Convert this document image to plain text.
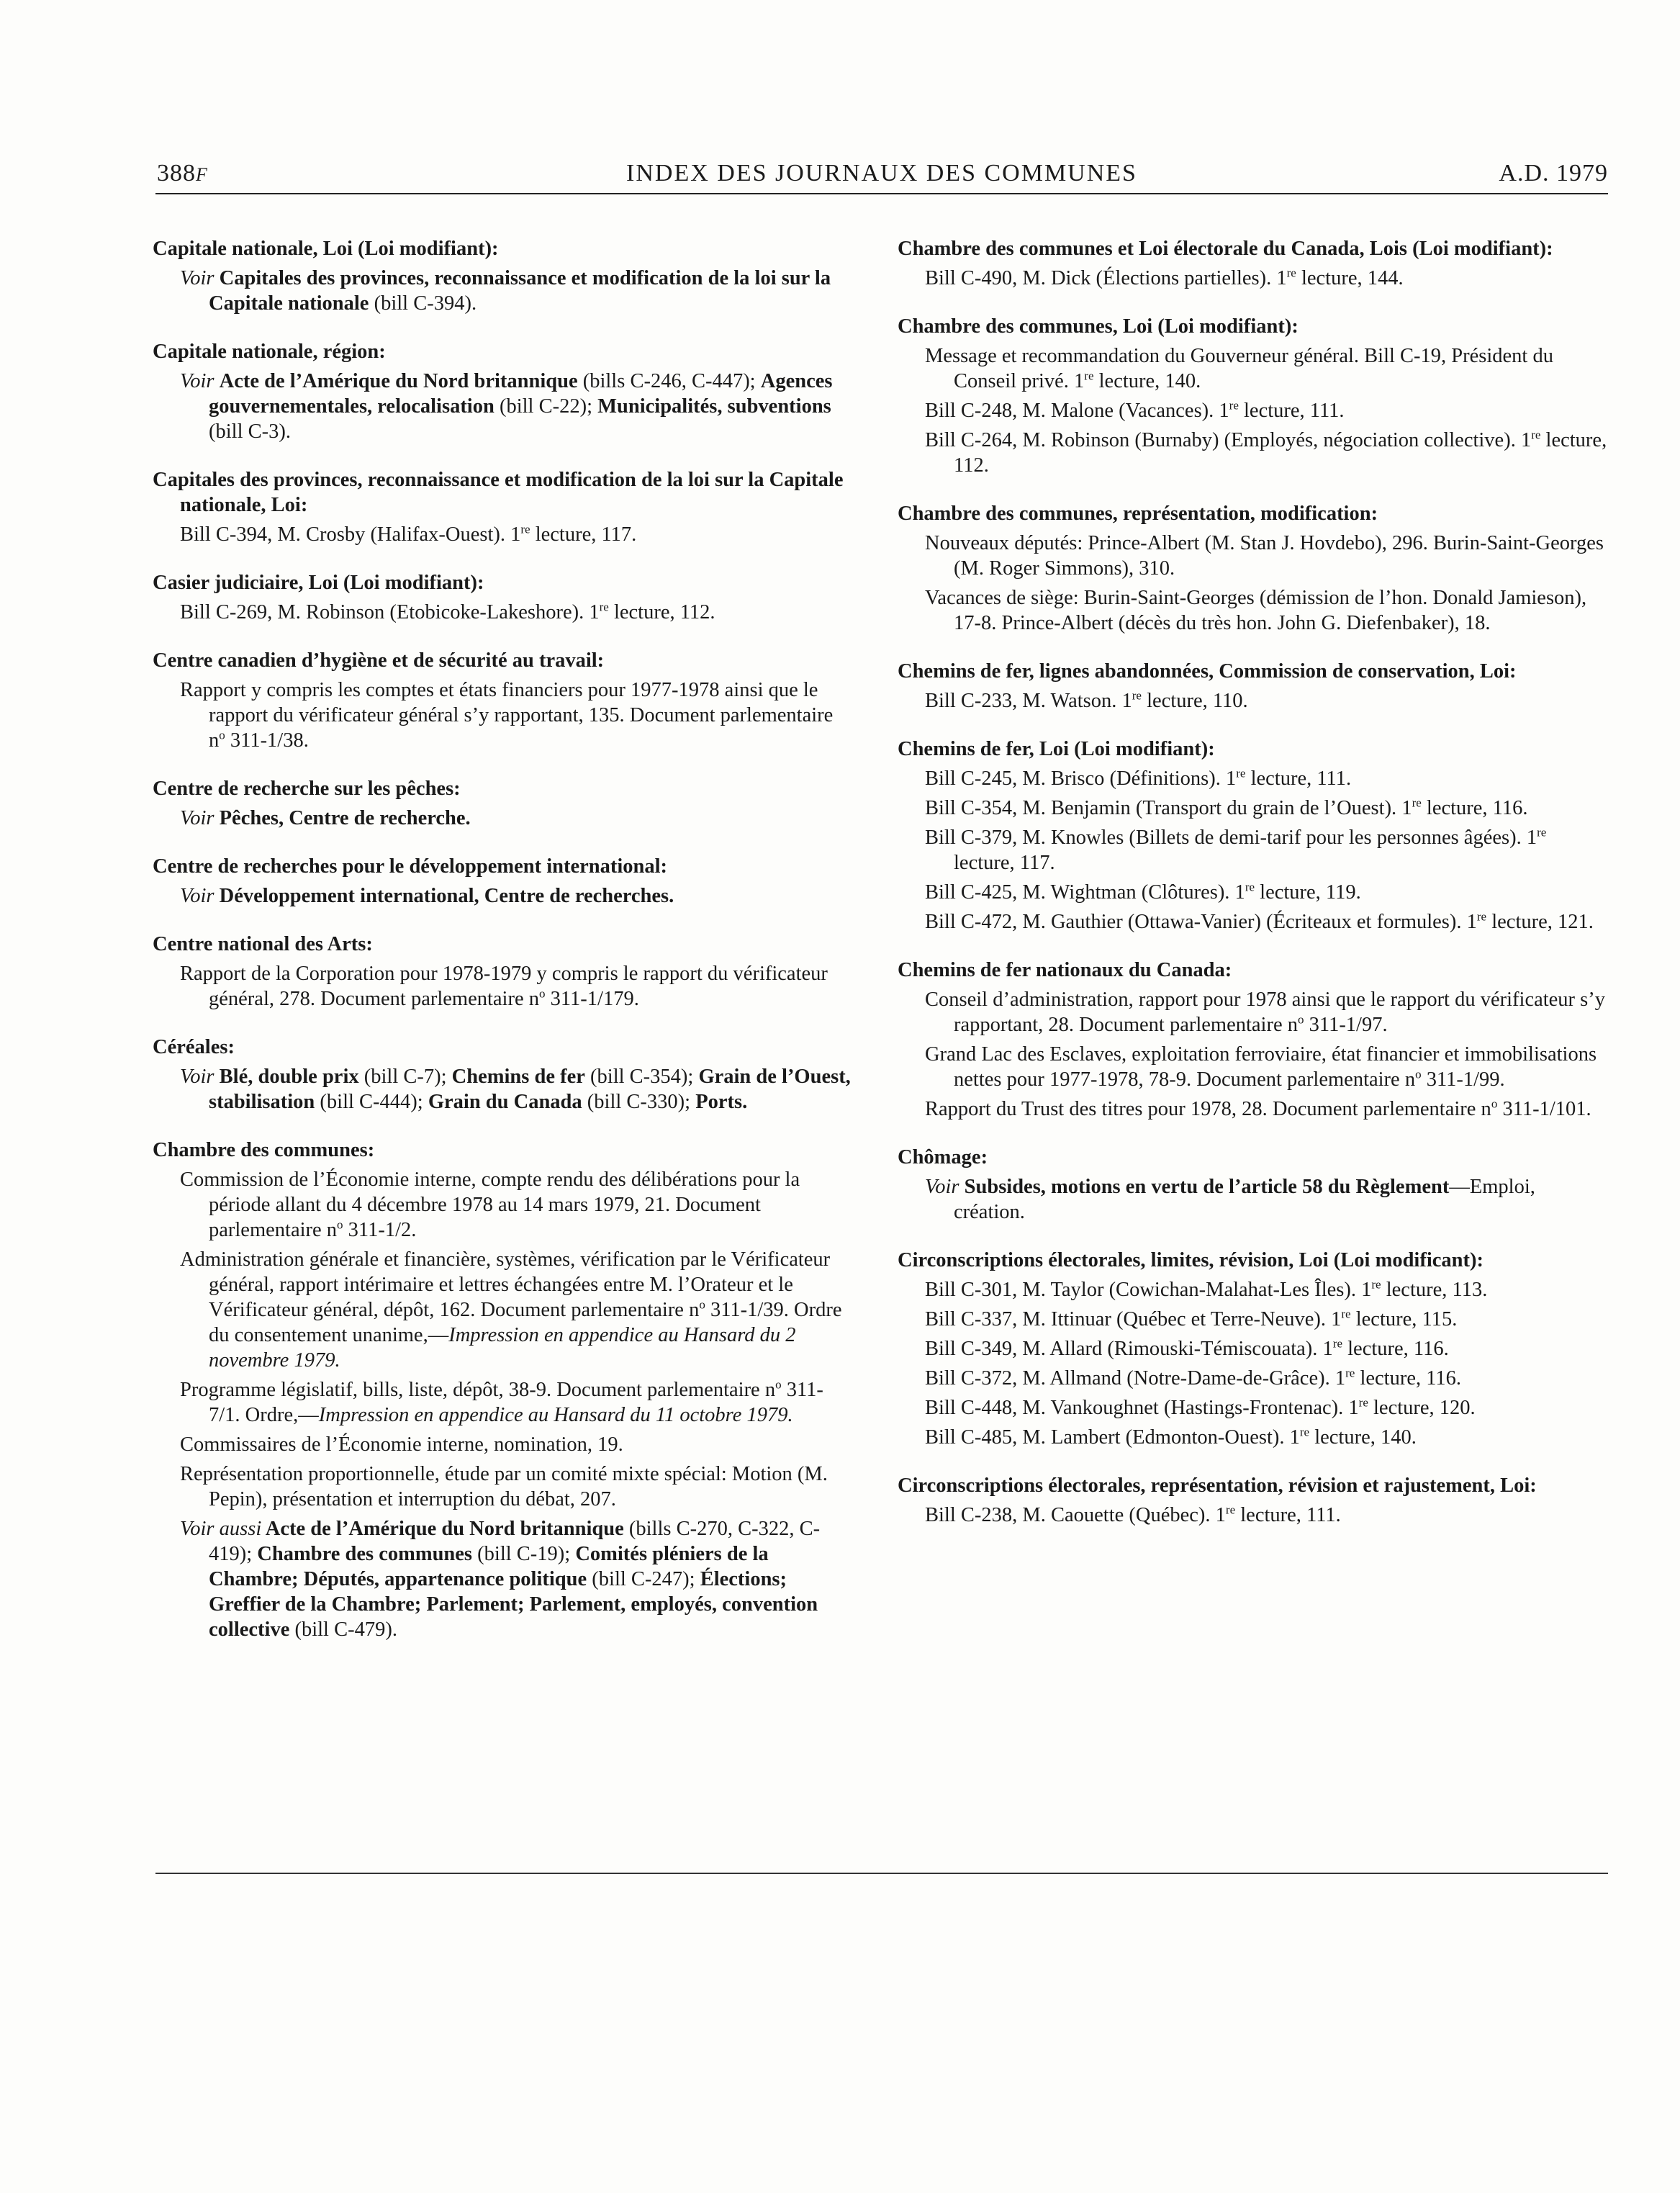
388F	INDEX DES JOURNAUX DES COMMUNES	A.D. 1979
Capitale nationale, Loi (Loi modifiant):
Voir Capitales des provinces, reconnaissance et modification de la loi sur la Capitale nationale (bill C-394).
Capitale nationale, région:
Voir Acte de l’Amérique du Nord britannique (bills C-246, C-447); Agences gouvernementales, relocalisation (bill C-22); Municipalités, subventions (bill C-3).
Capitales des provinces, reconnaissance et modification de la loi sur la Capitale nationale, Loi:
Bill C-394, M. Crosby (Halifax-Ouest). 1re lecture, 117.
Casier judiciaire, Loi (Loi modifiant):
Bill C-269, M. Robinson (Etobicoke-Lakeshore). 1re lecture, 112.
Centre canadien d’hygiène et de sécurité au travail:
Rapport y compris les comptes et états financiers pour 1977-1978 ainsi que le rapport du vérificateur général s’y rapportant, 135. Document parlementaire $n^o$ 311-1/38.
Centre de recherche sur les pêches:
Voir Pêches, Centre de recherche.
Centre de recherches pour le développement international:
Voir Développement international, Centre de recherches.
Centre national des Arts:
Rapport de la Corporation pour 1978-1979 y compris le rapport du vérificateur général, 278. Document parlementaire $n^o$ 311-1/179.
Céréales:
Voir Blé, double prix (bill C-7); Chemins de fer (bill C-354); Grain de l’Ouest, stabilisation (bill C-444); Grain du Canada (bill C-330); Ports.
Chambre des communes:
Commission de l’Économie interne, compte rendu des délibérations pour la période allant du 4 décembre 1978 au 14 mars 1979, 21. Document parlementaire $n^o$ 311-1/2.
Administration générale et financière, systèmes, vérification par le Vérificateur général, rapport intérimaire et lettres échangées entre M. l’Orateur et le Vérificateur général, dépôt, 162. Document parlementaire $n^o$ 311-1/39. Ordre du consentement unanime,—Impression en appendice au Hansard du 2 novembre 1979.
Programme législatif, bills, liste, dépôt, 38-9. Document parlementaire $n^o$ 311-7/1. Ordre,—Impression en appendice au Hansard du 11 octobre 1979.
Commissaires de l’Économie interne, nomination, 19.
Représentation proportionnelle, étude par un comité mixte spécial: Motion (M. Pepin), présentation et interruption du débat, 207.
Voir aussi Acte de l’Amérique du Nord britannique (bills C-270, C-322, C-419); Chambre des communes (bill C-19); Comités pléniers de la Chambre; Députés, appartenance politique (bill C-247); Élections; Greffier de la Chambre; Parlement; Parlement, employés, convention collective (bill C-479).
Chambre des communes et Loi électorale du Canada, Lois (Loi modifiant):
Bill C-490, M. Dick (Élections partielles). 1re lecture, 144.
Chambre des communes, Loi (Loi modifiant):
Message et recommandation du Gouverneur général. Bill C-19, Président du Conseil privé. 1re lecture, 140.
Bill C-248, M. Malone (Vacances). 1re lecture, 111.
Bill C-264, M. Robinson (Burnaby) (Employés, négociation collective). 1re lecture, 112.
Chambre des communes, représentation, modification:
Nouveaux députés: Prince-Albert (M. Stan J. Hovdebo), 296. Burin-Saint-Georges (M. Roger Simmons), 310.
Vacances de siège: Burin-Saint-Georges (démission de l’hon. Donald Jamieson), 17-8. Prince-Albert (décès du très hon. John G. Diefenbaker), 18.
Chemins de fer, lignes abandonnées, Commission de conservation, Loi:
Bill C-233, M. Watson. 1re lecture, 110.
Chemins de fer, Loi (Loi modifiant):
Bill C-245, M. Brisco (Définitions). 1re lecture, 111.
Bill C-354, M. Benjamin (Transport du grain de l’Ouest). 1re lecture, 116.
Bill C-379, M. Knowles (Billets de demi-tarif pour les personnes âgées). 1re lecture, 117.
Bill C-425, M. Wightman (Clôtures). 1re lecture, 119.
Bill C-472, M. Gauthier (Ottawa-Vanier) (Écriteaux et formules). 1re lecture, 121.
Chemins de fer nationaux du Canada:
Conseil d’administration, rapport pour 1978 ainsi que le rapport du vérificateur s’y rapportant, 28. Document parlementaire $n^o$ 311-1/97.
Grand Lac des Esclaves, exploitation ferroviaire, état financier et immobilisations nettes pour 1977-1978, 78-9. Document parlementaire $n^o$ 311-1/99.
Rapport du Trust des titres pour 1978, 28. Document parlementaire $n^o$ 311-1/101.
Chômage:
Voir Subsides, motions en vertu de l’article 58 du Règlement—Emploi, création.
Circonscriptions électorales, limites, révision, Loi (Loi modificant):
Bill C-301, M. Taylor (Cowichan-Malahat-Les Îles). 1re lecture, 113.
Bill C-337, M. Ittinuar (Québec et Terre-Neuve). 1re lecture, 115.
Bill C-349, M. Allard (Rimouski-Témiscouata). 1re lecture, 116.
Bill C-372, M. Allmand (Notre-Dame-de-Grâce). 1re lecture, 116.
Bill C-448, M. Vankoughnet (Hastings-Frontenac). 1re lecture, 120.
Bill C-485, M. Lambert (Edmonton-Ouest). 1re lecture, 140.
Circonscriptions électorales, représentation, révision et rajustement, Loi:
Bill C-238, M. Caouette (Québec). 1re lecture, 111.
